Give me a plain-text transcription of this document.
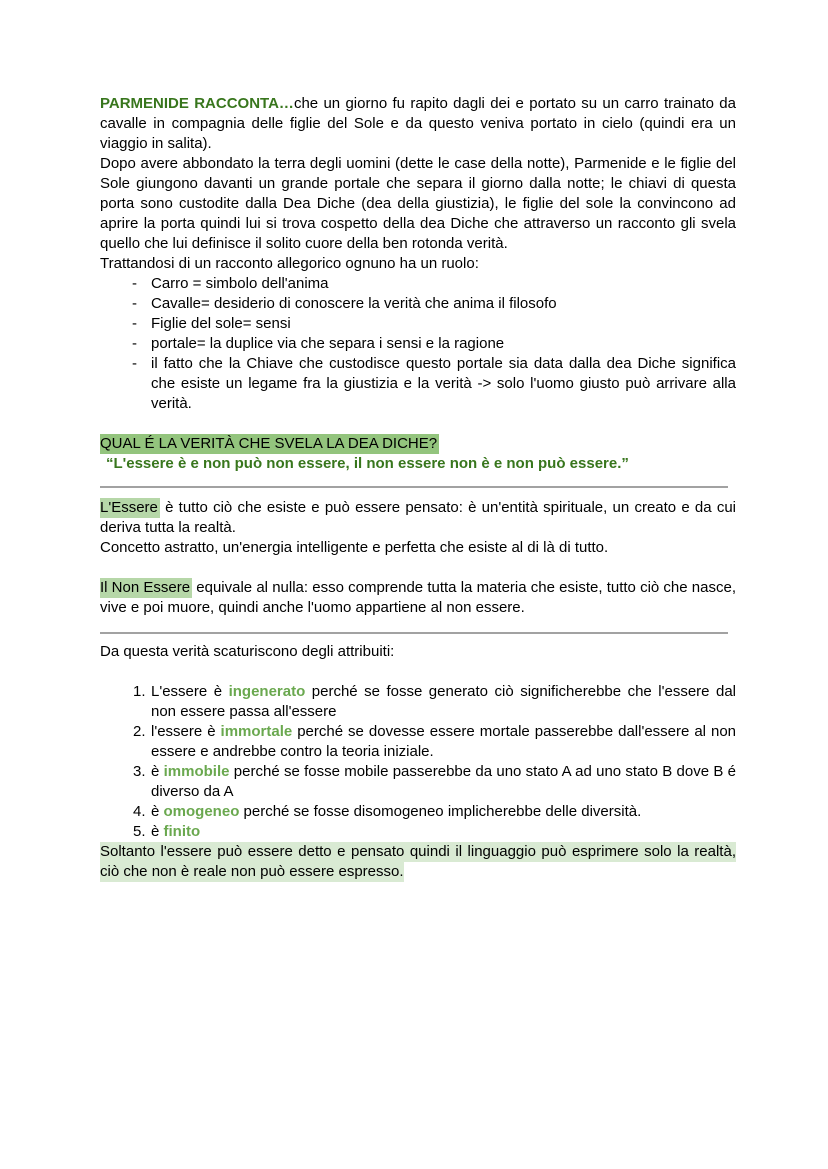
PARMENIDE RACCONTA…che un giorno fu rapito dagli dei e portato su un carro trainato da cavalle in compagnia delle figlie del Sole e da questo veniva portato in cielo (quindi era un viaggio in salita).

Dopo avere abbondato la terra degli uomini (dette le case della notte), Parmenide e le figlie del Sole giungono davanti un grande portale che separa il giorno dalla notte; le chiavi di questa porta sono custodite dalla Dea Diche (dea della giustizia), le figlie del sole la convincono ad aprire la porta quindi lui si trova cospetto della dea Diche che attraverso un racconto gli svela quello che lui definisce il solito cuore della ben rotonda verità.

Trattandosi di un racconto allegorico ognuno ha un ruolo:

- Carro = simbolo dell'anima
- Cavalle= desiderio di conoscere la verità che anima il filosofo
- Figlie del sole= sensi
- portale= la duplice via che separa i sensi e la ragione
- il fatto che la Chiave che custodisce questo portale sia data dalla dea Diche significa che esiste un legame fra la giustizia e la verità -> solo l'uomo giusto può arrivare alla verità.
QUAL É LA VERITÀ CHE SVELA LA DEA DICHE?

“L'essere è e non può non essere, il non essere non è e non può essere.”

L'Essere è tutto ciò che esiste e può essere pensato: è un'entità spirituale, un creato e da cui deriva tutta la realtà.

Concetto astratto, un'energia intelligente e perfetta che esiste al di là di tutto.

Il Non Essere equivale al nulla: esso comprende tutta la materia che esiste, tutto ciò che nasce, vive e poi muore, quindi anche l'uomo appartiene al non essere.

Da questa verità scaturiscono degli attribuiti:

L'essere è ingenerato perché se fosse generato ciò significherebbe che l'essere dal non essere passa all'essere
l'essere è immortale perché se dovesse essere mortale passerebbe dall'essere al non essere e andrebbe contro la teoria iniziale.
è immobile perché se fosse mobile passerebbe da uno stato A ad uno stato B dove B é diverso da A
è omogeneo perché se fosse disomogeneo implicherebbe delle diversità.
è finito

Soltanto l'essere può essere detto e pensato quindi il linguaggio può esprimere solo la realtà, ciò che non è reale non può essere espresso.
